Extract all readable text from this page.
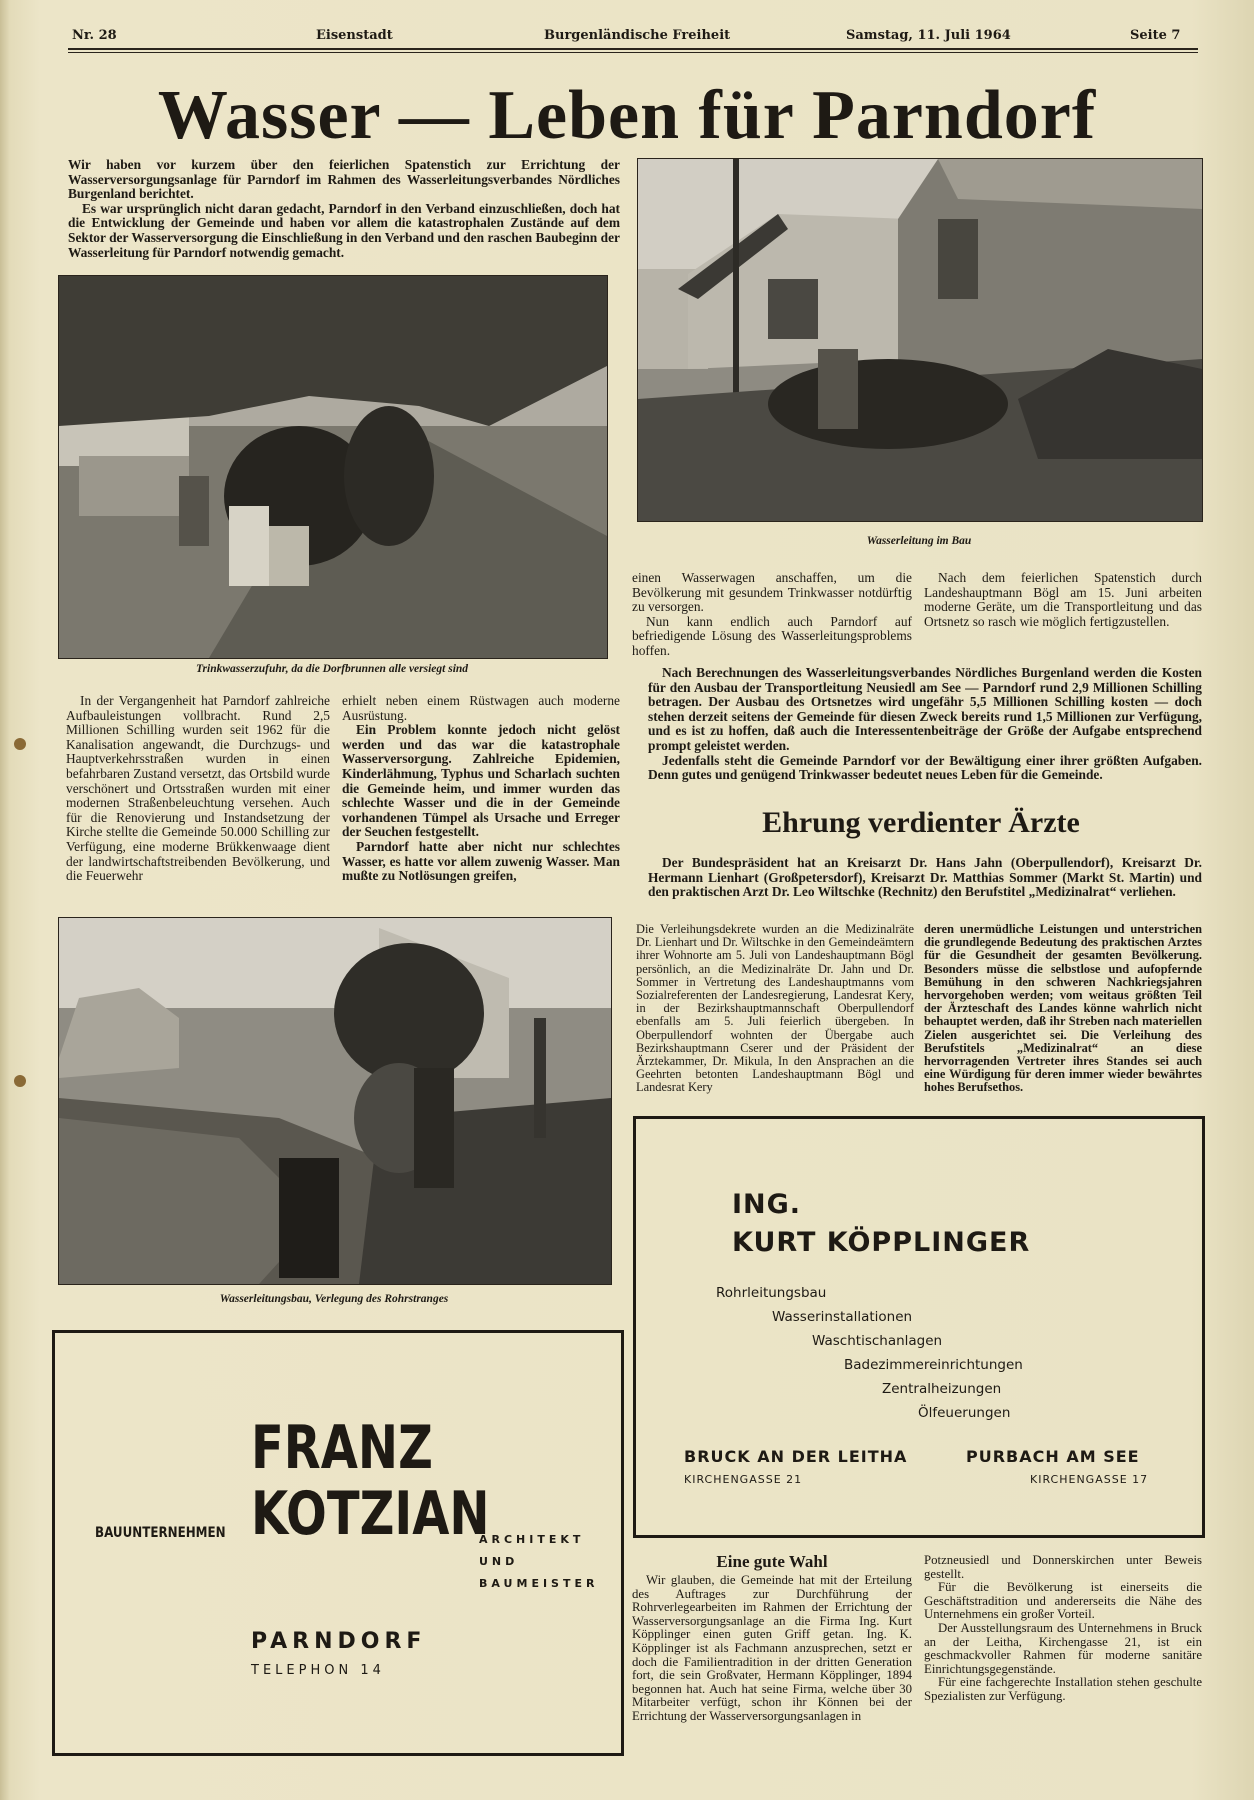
Nr. 28	Eisenstadt	Burgenländische Freiheit	Samstag, 11. Juli 1964	Seite 7
Wasser — Leben für Parndorf

Wir haben vor kurzem über den feierlichen Spatenstich zur Errichtung der Wasserversorgungsanlage für Parndorf im Rahmen des Wasserleitungsverbandes Nördliches Burgenland berichtet.

Es war ursprünglich nicht daran gedacht, Parndorf in den Verband einzuschließen, doch hat die Entwicklung der Gemeinde und haben vor allem die katastrophalen Zustände auf dem Sektor der Wasserversorgung die Einschließung in den Verband und den raschen Baubeginn der Wasserleitung für Parndorf notwendig gemacht.

Trinkwasserzufuhr, da die Dorfbrunnen alle versiegt sind
Wasserleitung im Bau

einen Wasserwagen anschaffen, um die Bevölkerung mit gesundem Trinkwasser notdürftig zu versorgen.

Nun kann endlich auch Parndorf auf befriedigende Lösung des Wasserleitungsproblems hoffen.

Nach dem feierlichen Spatenstich durch Landeshauptmann Bögl am 15. Juni arbeiten moderne Geräte, um die Transportleitung und das Ortsnetz so rasch wie möglich fertigzustellen.

Nach Berechnungen des Wasserleitungsverbandes Nördliches Burgenland werden die Kosten für den Ausbau der Transportleitung Neusiedl am See — Parndorf rund 2,9 Millionen Schilling betragen. Der Ausbau des Ortsnetzes wird ungefähr 5,5 Millionen Schilling kosten — doch stehen derzeit seitens der Gemeinde für diesen Zweck bereits rund 1,5 Millionen zur Verfügung, und es ist zu hoffen, daß auch die Interessentenbeiträge der Größe der Aufgabe entsprechend prompt geleistet werden.

Jedenfalls steht die Gemeinde Parndorf vor der Bewältigung einer ihrer größten Aufgaben. Denn gutes und genügend Trinkwasser bedeutet neues Leben für die Gemeinde.

In der Vergangenheit hat Parndorf zahlreiche Aufbauleistungen vollbracht. Rund 2,5 Millionen Schilling wurden seit 1962 für die Kanalisation angewandt, die Durchzugs- und Hauptverkehrsstraßen wurden in einen befahrbaren Zustand versetzt, das Ortsbild wurde verschönert und Ortsstraßen wurden mit einer modernen Straßenbeleuchtung versehen. Auch für die Renovierung und Instandsetzung der Kirche stellte die Gemeinde 50.000 Schilling zur Verfügung, eine moderne Brükkenwaage dient der landwirtschaftstreibenden Bevölkerung, und die Feuerwehr

erhielt neben einem Rüstwagen auch moderne Ausrüstung.

Ein Problem konnte jedoch nicht gelöst werden und das war die katastrophale Wasserversorgung. Zahlreiche Epidemien, Kinderlähmung, Typhus und Scharlach suchten die Gemeinde heim, und immer wurden das schlechte Wasser und die in der Gemeinde vorhandenen Tümpel als Ursache und Erreger der Seuchen festgestellt.

Parndorf hatte aber nicht nur schlechtes Wasser, es hatte vor allem zuwenig Wasser. Man mußte zu Notlösungen greifen,

Ehrung verdienter Ärzte

Der Bundespräsident hat an Kreisarzt Dr. Hans Jahn (Oberpullendorf), Kreisarzt Dr. Hermann Lienhart (Großpetersdorf), Kreisarzt Dr. Matthias Sommer (Markt St. Martin) und den praktischen Arzt Dr. Leo Wiltschke (Rechnitz) den Berufstitel „Medizinalrat“ verliehen.

Die Verleihungsdekrete wurden an die Medizinalräte Dr. Lienhart und Dr. Wiltschke in den Gemeindeämtern ihrer Wohnorte am 5. Juli von Landeshauptmann Bögl persönlich, an die Medizinalräte Dr. Jahn und Dr. Sommer in Vertretung des Landeshauptmanns vom Sozialreferenten der Landesregierung, Landesrat Kery, in der Bezirkshauptmannschaft Oberpullendorf ebenfalls am 5. Juli feierlich übergeben. In Oberpullendorf wohnten der Übergabe auch Bezirkshauptmann Cserer und der Präsident der Ärztekammer, Dr. Mikula, In den Ansprachen an die Geehrten betonten Landeshauptmann Bögl und Landesrat Kery

deren unermüdliche Leistungen und unterstrichen die grundlegende Bedeutung des praktischen Arztes für die Gesundheit der gesamten Bevölkerung. Besonders müsse die selbstlose und aufopfernde Bemühung in den schweren Nachkriegsjahren hervorgehoben werden; vom weitaus größten Teil der Ärzteschaft des Landes könne wahrlich nicht behauptet werden, daß ihr Streben nach materiellen Zielen ausgerichtet sei. Die Verleihung des Berufstitels „Medizinalrat“ an diese hervorragenden Vertreter ihres Standes sei auch eine Würdigung für deren immer wieder bewährtes hohes Berufsethos.

Wasserleitungsbau, Verlegung des Rohrstranges
ING.
KURT KÖPPLINGER
Rohrleitungsbau
Wasserinstallationen
Waschtischanlagen
Badezimmereinrichtungen
Zentralheizungen
Ölfeuerungen
BRUCK AN DER LEITHA
KIRCHENGASSE 21
PURBACH AM SEE
KIRCHENGASSE 17
FRANZ
KOTZIAN
BAUUNTERNEHMEN	ARCHITEKT
UND
BAUMEISTER
PARNDORF
TELEPHON 14
Eine gute Wahl

Wir glauben, die Gemeinde hat mit der Erteilung des Auftrages zur Durchführung der Rohrverlegearbeiten im Rahmen der Errichtung der Wasserversorgungsanlage an die Firma Ing. Kurt Köpplinger einen guten Griff getan. Ing. K. Köpplinger ist als Fachmann anzusprechen, setzt er doch die Familientradition in der dritten Generation fort, die sein Großvater, Hermann Köpplinger, 1894 begonnen hat. Auch hat seine Firma, welche über 30 Mitarbeiter verfügt, schon ihr Können bei der Errichtung der Wasserversorgungsanlagen in

Potzneusiedl und Donnerskirchen unter Beweis gestellt.

Für die Bevölkerung ist einerseits die Geschäftstradition und andererseits die Nähe des Unternehmens ein großer Vorteil.

Der Ausstellungsraum des Unternehmens in Bruck an der Leitha, Kirchengasse 21, ist ein geschmackvoller Rahmen für moderne sanitäre Einrichtungsgegenstände.

Für eine fachgerechte Installation stehen geschulte Spezialisten zur Verfügung.
